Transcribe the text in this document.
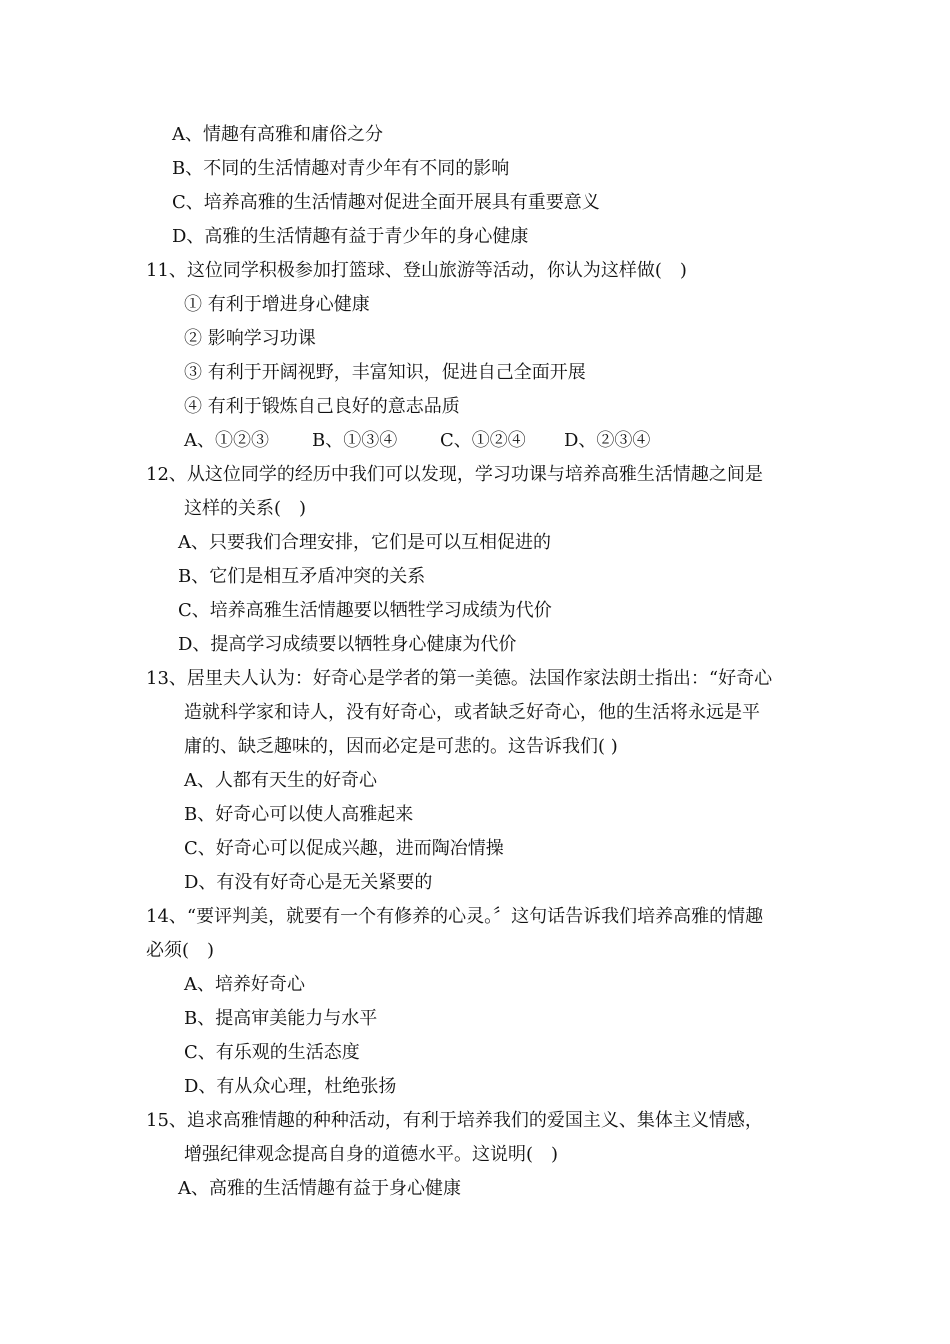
A、情趣有高雅和庸俗之分
B、不同的生活情趣对青少年有不同的影响
C、培养高雅的生活情趣对促进全面开展具有重要意义
D、高雅的生活情趣有益于青少年的身心健康
11、这位同学积极参加打篮球、登山旅游等活动，你认为这样做(　)
① 有利于增进身心健康
② 影响学习功课
③ 有利于开阔视野，丰富知识，促进自己全面开展
④ 有利于锻炼自己良好的意志品质
A、①②③ B、①③④ C、①②④ D、②③④
12、从这位同学的经历中我们可以发现，学习功课与培养高雅生活情趣之间是
这样的关系(　)
A、只要我们合理安排，它们是可以互相促进的
B、它们是相互矛盾冲突的关系
C、培养高雅生活情趣要以牺牲学习成绩为代价
D、提高学习成绩要以牺牲身心健康为代价
13、居里夫人认为：好奇心是学者的第一美德。法国作家法朗士指出：“好奇心
造就科学家和诗人，没有好奇心，或者缺乏好奇心，他的生活将永远是平
庸的、缺乏趣味的，因而必定是可悲的。这告诉我们( )
A、人都有天生的好奇心
B、好奇心可以使人高雅起来
C、好奇心可以促成兴趣，进而陶冶情操
D、有没有好奇心是无关紧要的
14、“要评判美，就要有一个有修养的心灵。〞这句话告诉我们培养高雅的情趣
必须(　)
A、培养好奇心
B、提高审美能力与水平
C、有乐观的生活态度
D、有从众心理，杜绝张扬
15、追求高雅情趣的种种活动，有利于培养我们的爱国主义、集体主义情感，
增强纪律观念提高自身的道德水平。这说明(　)
A、高雅的生活情趣有益于身心健康
